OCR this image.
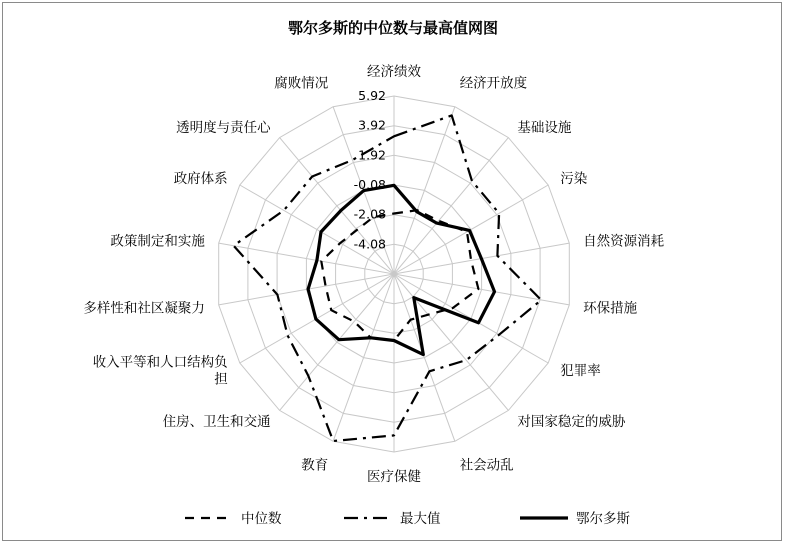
鄂尔多斯的中位数与最高值网图
-4.08
-2.08
-0.08
1.92
3.92
5.92
经济绩效
经济开放度
基础设施
污染
自然资源消耗
环保措施
犯罪率
对国家稳定的威胁
社会动乱
医疗保健
教育
住房、卫生和交通
收入平等和人口结构负担
多样性和社区凝聚力
政策制定和实施
政府体系
透明度与责任心
腐败情况
中位数	最大值	鄂尔多斯
